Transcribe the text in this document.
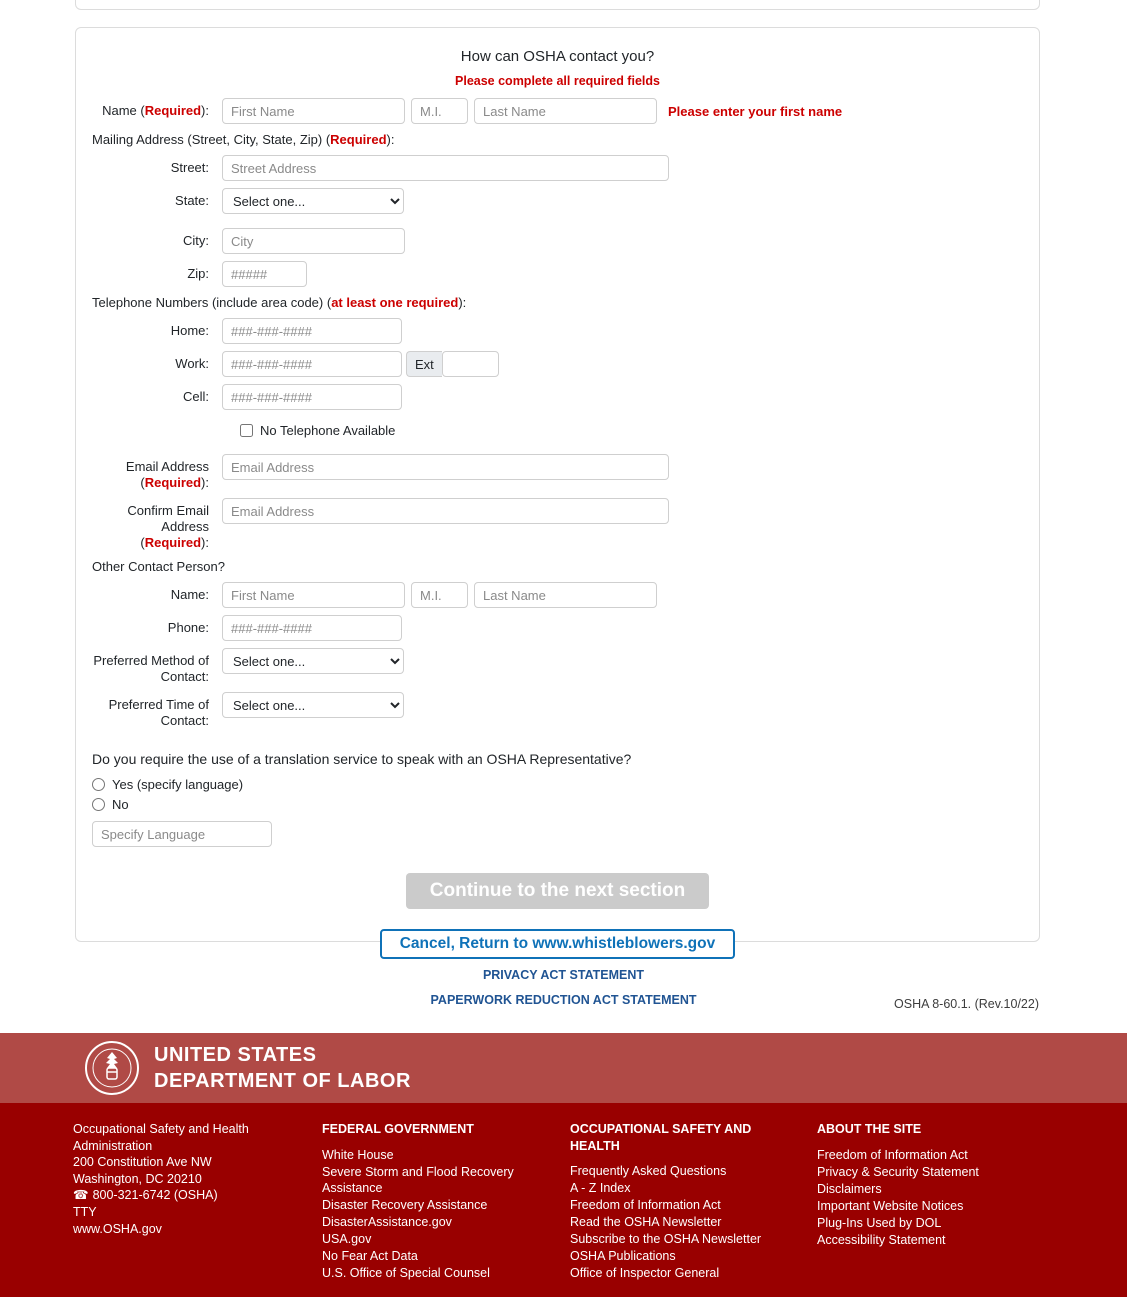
How can OSHA contact you?
Please complete all required fields
Name (Required):
First Name
M.I.
Last Name	Please enter your first name
Mailing Address (Street, City, State, Zip) (Required):
Street:
Street Address
State:
Select one...
City:
City
Zip:
#####
Telephone Numbers (include area code) (at least one required):
Home:
###-###-####
Work:
###-###-####	Ext
Cell:
###-###-####
No Telephone Available
Email Address
(Required):
Email Address
Confirm Email Address
(Required):
Email Address
Other Contact Person?
Name:
First Name
M.I.
Last Name
Phone:
###-###-####
Preferred Method of
Contact:
Select one...
Preferred Time of
Contact:
Select one...
Do you require the use of a translation service to speak with an OSHA Representative?
Yes (specify language)
No
Specify Language
Continue to the next section
Cancel, Return to www.whistleblowers.gov
PRIVACY ACT STATEMENT
PAPERWORK REDUCTION ACT STATEMENT	OSHA 8-60.1. (Rev.10/22)
UNITED STATES
DEPARTMENT OF LABOR
Occupational Safety and Health Administration
200 Constitution Ave NW
Washington, DC 20210
☎ 800-321-6742 (OSHA)
TTY
www.OSHA.gov
FEDERAL GOVERNMENT
White House
Severe Storm and Flood Recovery Assistance
Disaster Recovery Assistance
DisasterAssistance.gov
USA.gov
No Fear Act Data
U.S. Office of Special Counsel
OCCUPATIONAL SAFETY AND HEALTH
Frequently Asked Questions
A - Z Index
Freedom of Information Act
Read the OSHA Newsletter
Subscribe to the OSHA Newsletter
OSHA Publications
Office of Inspector General
ABOUT THE SITE
Freedom of Information Act
Privacy & Security Statement
Disclaimers
Important Website Notices
Plug-Ins Used by DOL
Accessibility Statement
